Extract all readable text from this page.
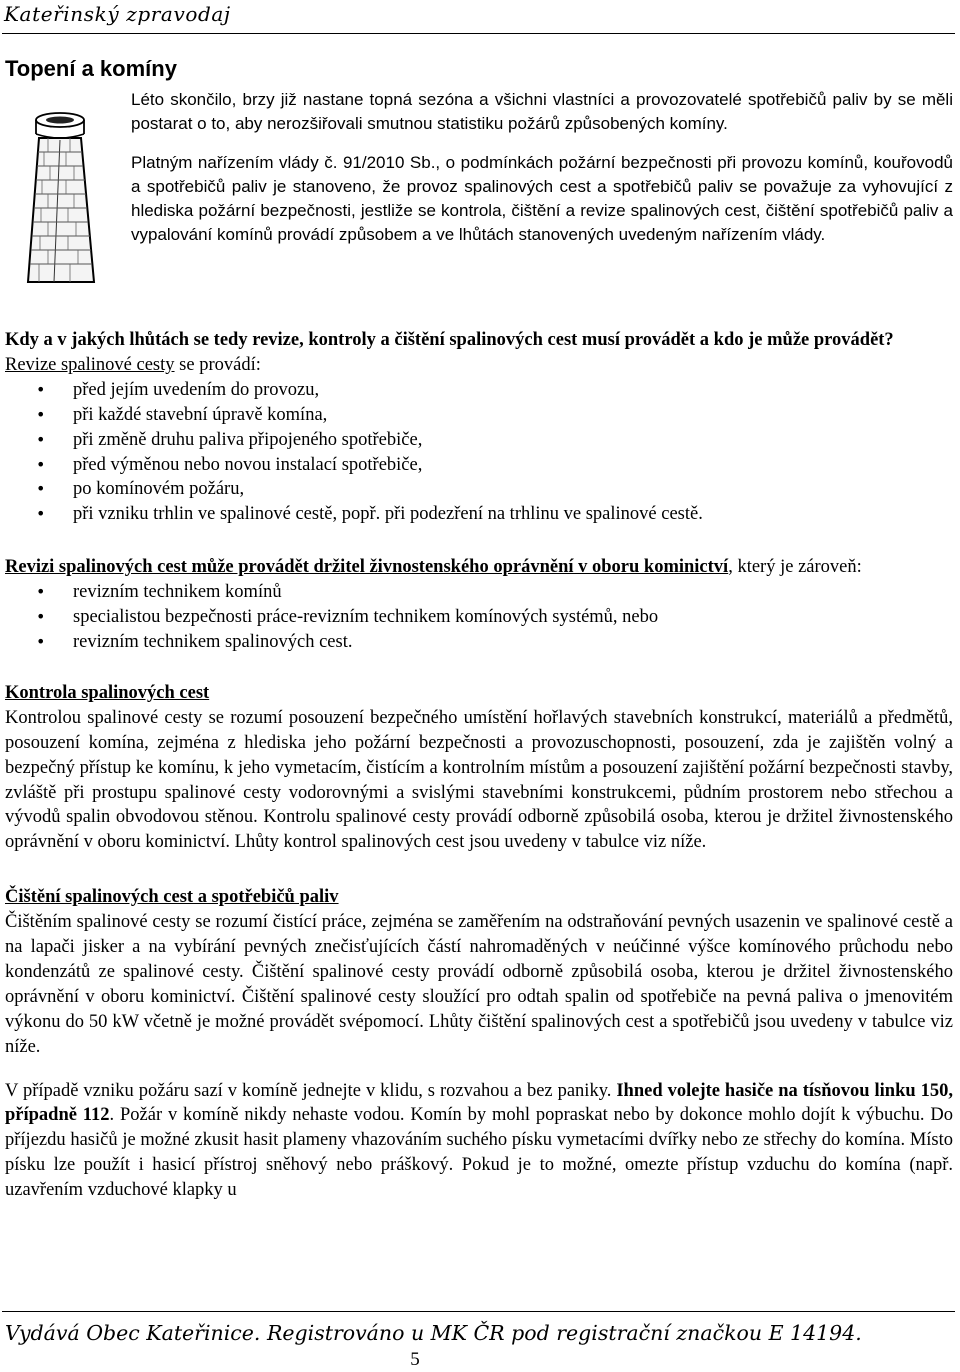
Kateřinský zpravodaj
Topení a komíny

Léto skončilo, brzy již nastane topná sezóna a všichni vlastníci a provozovatelé spotřebičů paliv by se měli postarat o to, aby nerozšiřovali smutnou statistiku požárů způsobených komíny.

Platným nařízením vlády č. 91/2010 Sb., o podmínkách požární bezpečnosti při provozu komínů, kouřovodů a spotřebičů paliv je stanoveno, že provoz spalinových cest a spotřebičů paliv se považuje za vyhovující z hlediska požární bezpečnosti, jestliže se kontrola, čištění a revize spalinových cest, čištění spotřebičů paliv a vypalování komínů provádí způsobem a ve lhůtách stanovených uvedeným nařízením vlády.

Kdy a v jakých lhůtách se tedy revize, kontroly a čištění spalinových cest musí provádět a kdo je může provádět?

Revize spalinové cesty se provádí:

• před jejím uvedením do provozu,
• při každé stavební úpravě komína,
• při změně druhu paliva připojeného spotřebiče,
• před výměnou nebo novou instalací spotřebiče,
• po komínovém požáru,
• při vzniku trhlin ve spalinové cestě, popř. při podezření na trhlinu ve spalinové cestě.

Revizi spalinových cest může provádět držitel živnostenského oprávnění v oboru kominictví, který je zároveň:

• revizním technikem komínů
• specialistou bezpečnosti práce-revizním technikem komínových systémů, nebo
• revizním technikem spalinových cest.

Kontrola spalinových cest

Kontrolou spalinové cesty se rozumí posouzení bezpečného umístění hořlavých stavebních konstrukcí, materiálů a předmětů, posouzení komína, zejména z hlediska jeho požární bezpečnosti a provozuschopnosti, posouzení, zda je zajištěn volný a bezpečný přístup ke komínu, k jeho vymetacím, čistícím a kontrolním místům a posouzení zajištění požární bezpečnosti stavby, zvláště při prostupu spalinové cesty vodorovnými a svislými stavebními konstrukcemi, půdním prostorem nebo střechou a vývodů spalin obvodovou stěnou. Kontrolu spalinové cesty provádí odborně způsobilá osoba, kterou je držitel živnostenského oprávnění v oboru kominictví. Lhůty kontrol spalinových cest jsou uvedeny v tabulce viz níže.

Čištění spalinových cest a spotřebičů paliv

Čištěním spalinové cesty se rozumí čistící práce, zejména se zaměřením na odstraňování pevných usazenin ve spalinové cestě a na lapači jisker a na vybírání pevných znečisťujících částí nahromaděných v neúčinné výšce komínového průchodu nebo kondenzátů ze spalinové cesty. Čištění spalinové cesty provádí odborně způsobilá osoba, kterou je držitel živnostenského oprávnění v oboru kominictví. Čištění spalinové cesty sloužící pro odtah spalin od spotřebiče na pevná paliva o jmenovitém výkonu do 50 kW včetně je možné provádět svépomocí. Lhůty čištění spalinových cest a spotřebičů jsou uvedeny v tabulce viz níže.

V případě vzniku požáru sazí v komíně jednejte v klidu, s rozvahou a bez paniky. Ihned volejte hasiče na tísňovou linku 150, případně 112. Požár v komíně nikdy nehaste vodou. Komín by mohl popraskat nebo by dokonce mohlo dojít k výbuchu. Do příjezdu hasičů je možné zkusit hasit plameny vhazováním suchého písku vymetacími dvířky nebo ze střechy do komína. Místo písku lze použít i hasicí přístroj sněhový nebo práškový. Pokud je to možné, omezte přístup vzduchu do komína (např. uzavřením vzduchové klapky u

Vydává Obec Kateřinice. Registrováno u MK ČR pod registrační značkou E 14194.
5
